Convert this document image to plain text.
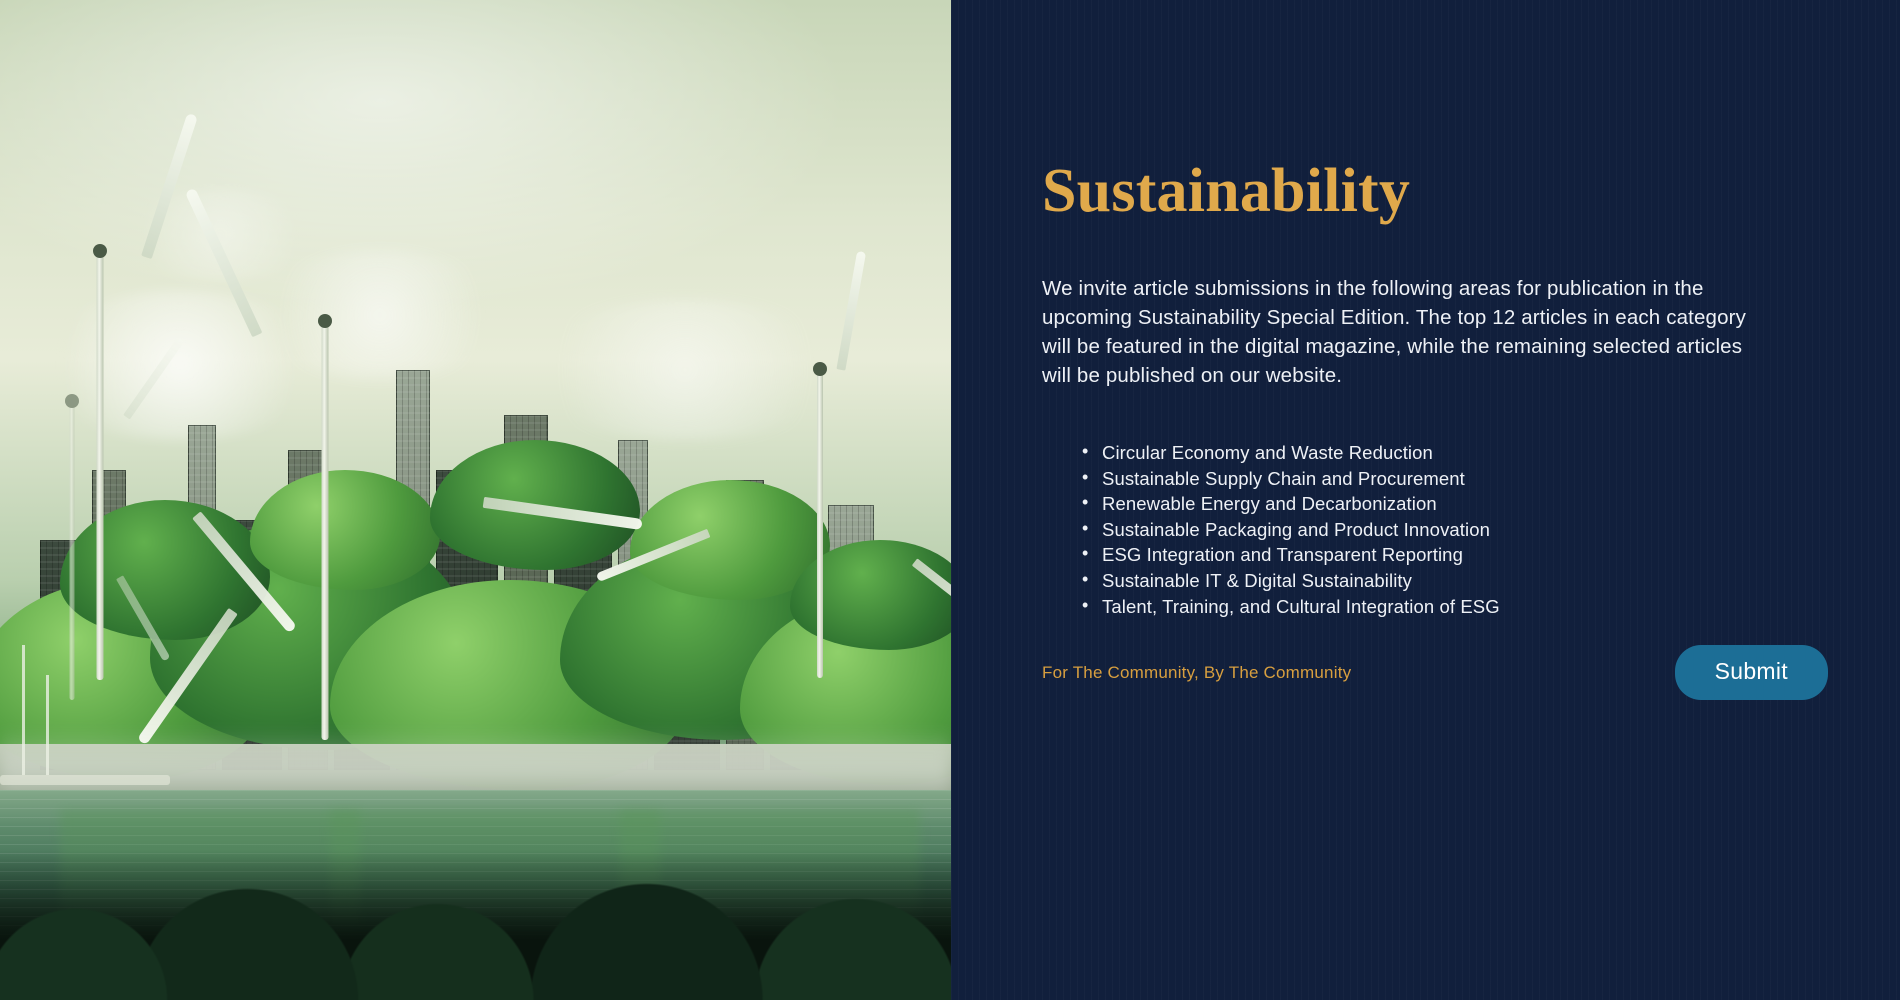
Sustainability

We invite article submissions in the following areas for publication in the upcoming Sustainability Special Edition. The top 12 articles in each category will be featured in the digital magazine, while the remaining selected articles will be published on our website.

• Circular Economy and Waste Reduction
• Sustainable Supply Chain and Procurement
• Renewable Energy and Decarbonization
• Sustainable Packaging and Product Innovation
• ESG Integration and Transparent Reporting
• Sustainable IT & Digital Sustainability
• Talent, Training, and Cultural Integration of ESG
For The Community, By The Community	Submit
